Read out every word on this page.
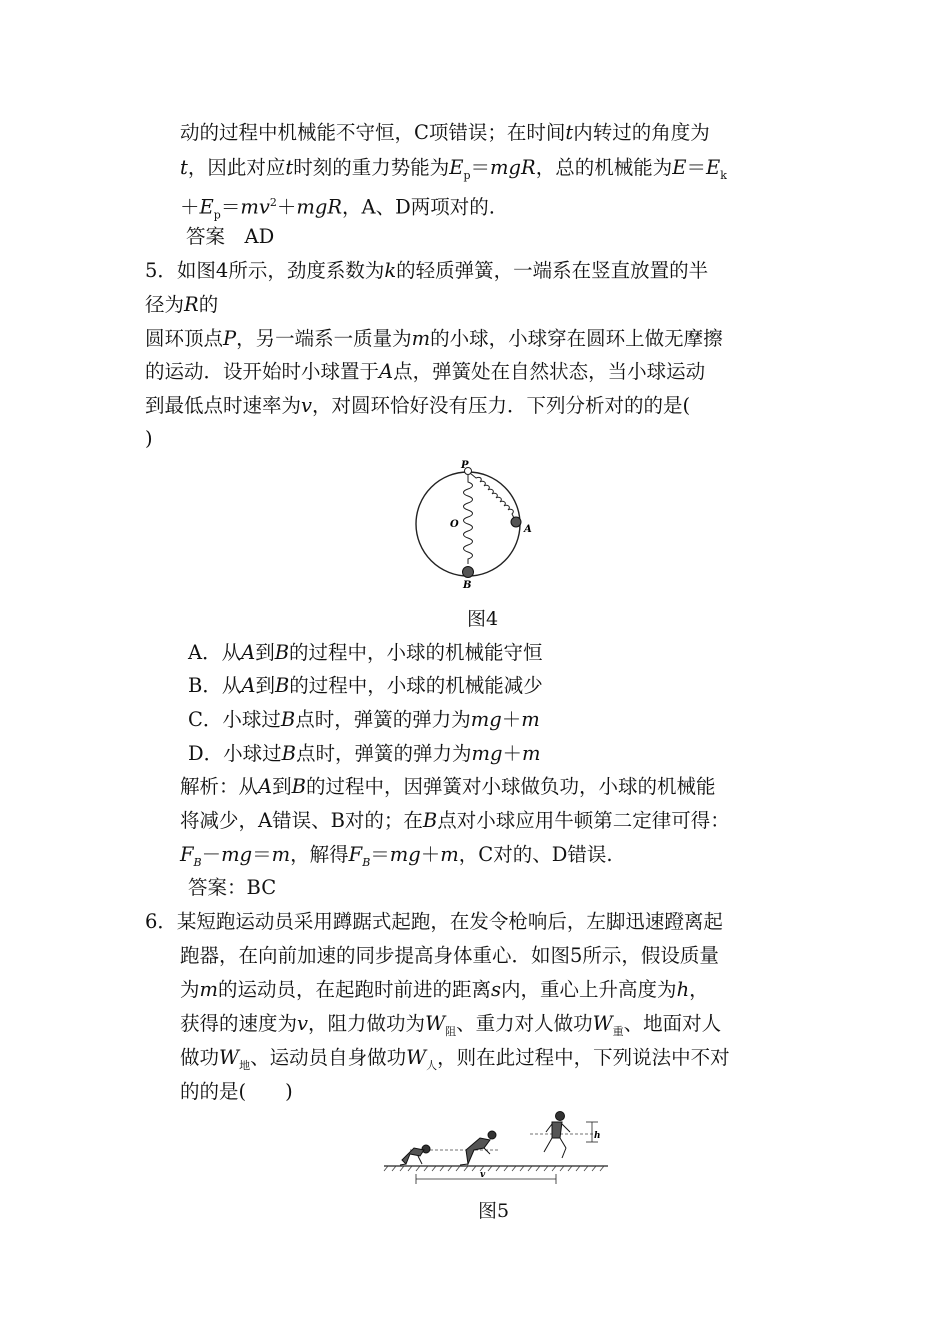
动的过程中机械能不守恒，C项错误；在时间t内转过的角度为
t，因此对应t时刻的重力势能为$E_p=mgR$，总的机械能为$E=E_k$
$+E_p=mv^2+mgR$，A、D两项对的.
答案　AD
5．如图4所示，劲度系数为k的轻质弹簧，一端系在竖直放置的半
径为R的
圆环顶点P，另一端系一质量为m的小球，小球穿在圆环上做无摩擦
的运动．设开始时小球置于A点，弹簧处在自然状态，当小球运动
到最低点时速率为v，对圆环恰好没有压力．下列分析对的的是(
)
P
O	A
B
图4
A．从A到B的过程中，小球的机械能守恒
B．从A到B的过程中，小球的机械能减少
C．小球过B点时，弹簧的弹力为mg＋m
D．小球过B点时，弹簧的弹力为mg＋m
解析：从A到B的过程中，因弹簧对小球做负功，小球的机械能
将减少，A错误、B对的；在B点对小球应用牛顿第二定律可得：
$F_B-mg=m$，解得$F_B=mg+m$，C对的、D错误.
答案：BC
6．某短跑运动员采用蹲踞式起跑，在发令枪响后，左脚迅速蹬离起
跑器，在向前加速的同步提高身体重心．如图5所示，假设质量
为m的运动员，在起跑时前进的距离s内，重心上升高度为h，
获得的速度为v，阻力做功为$W_阻$、重力对人做功$W_重$、地面对人
做功$W_地$、运动员自身做功$W_人$，则在此过程中，下列说法中不对
的的是(　　)
h
v
图5
